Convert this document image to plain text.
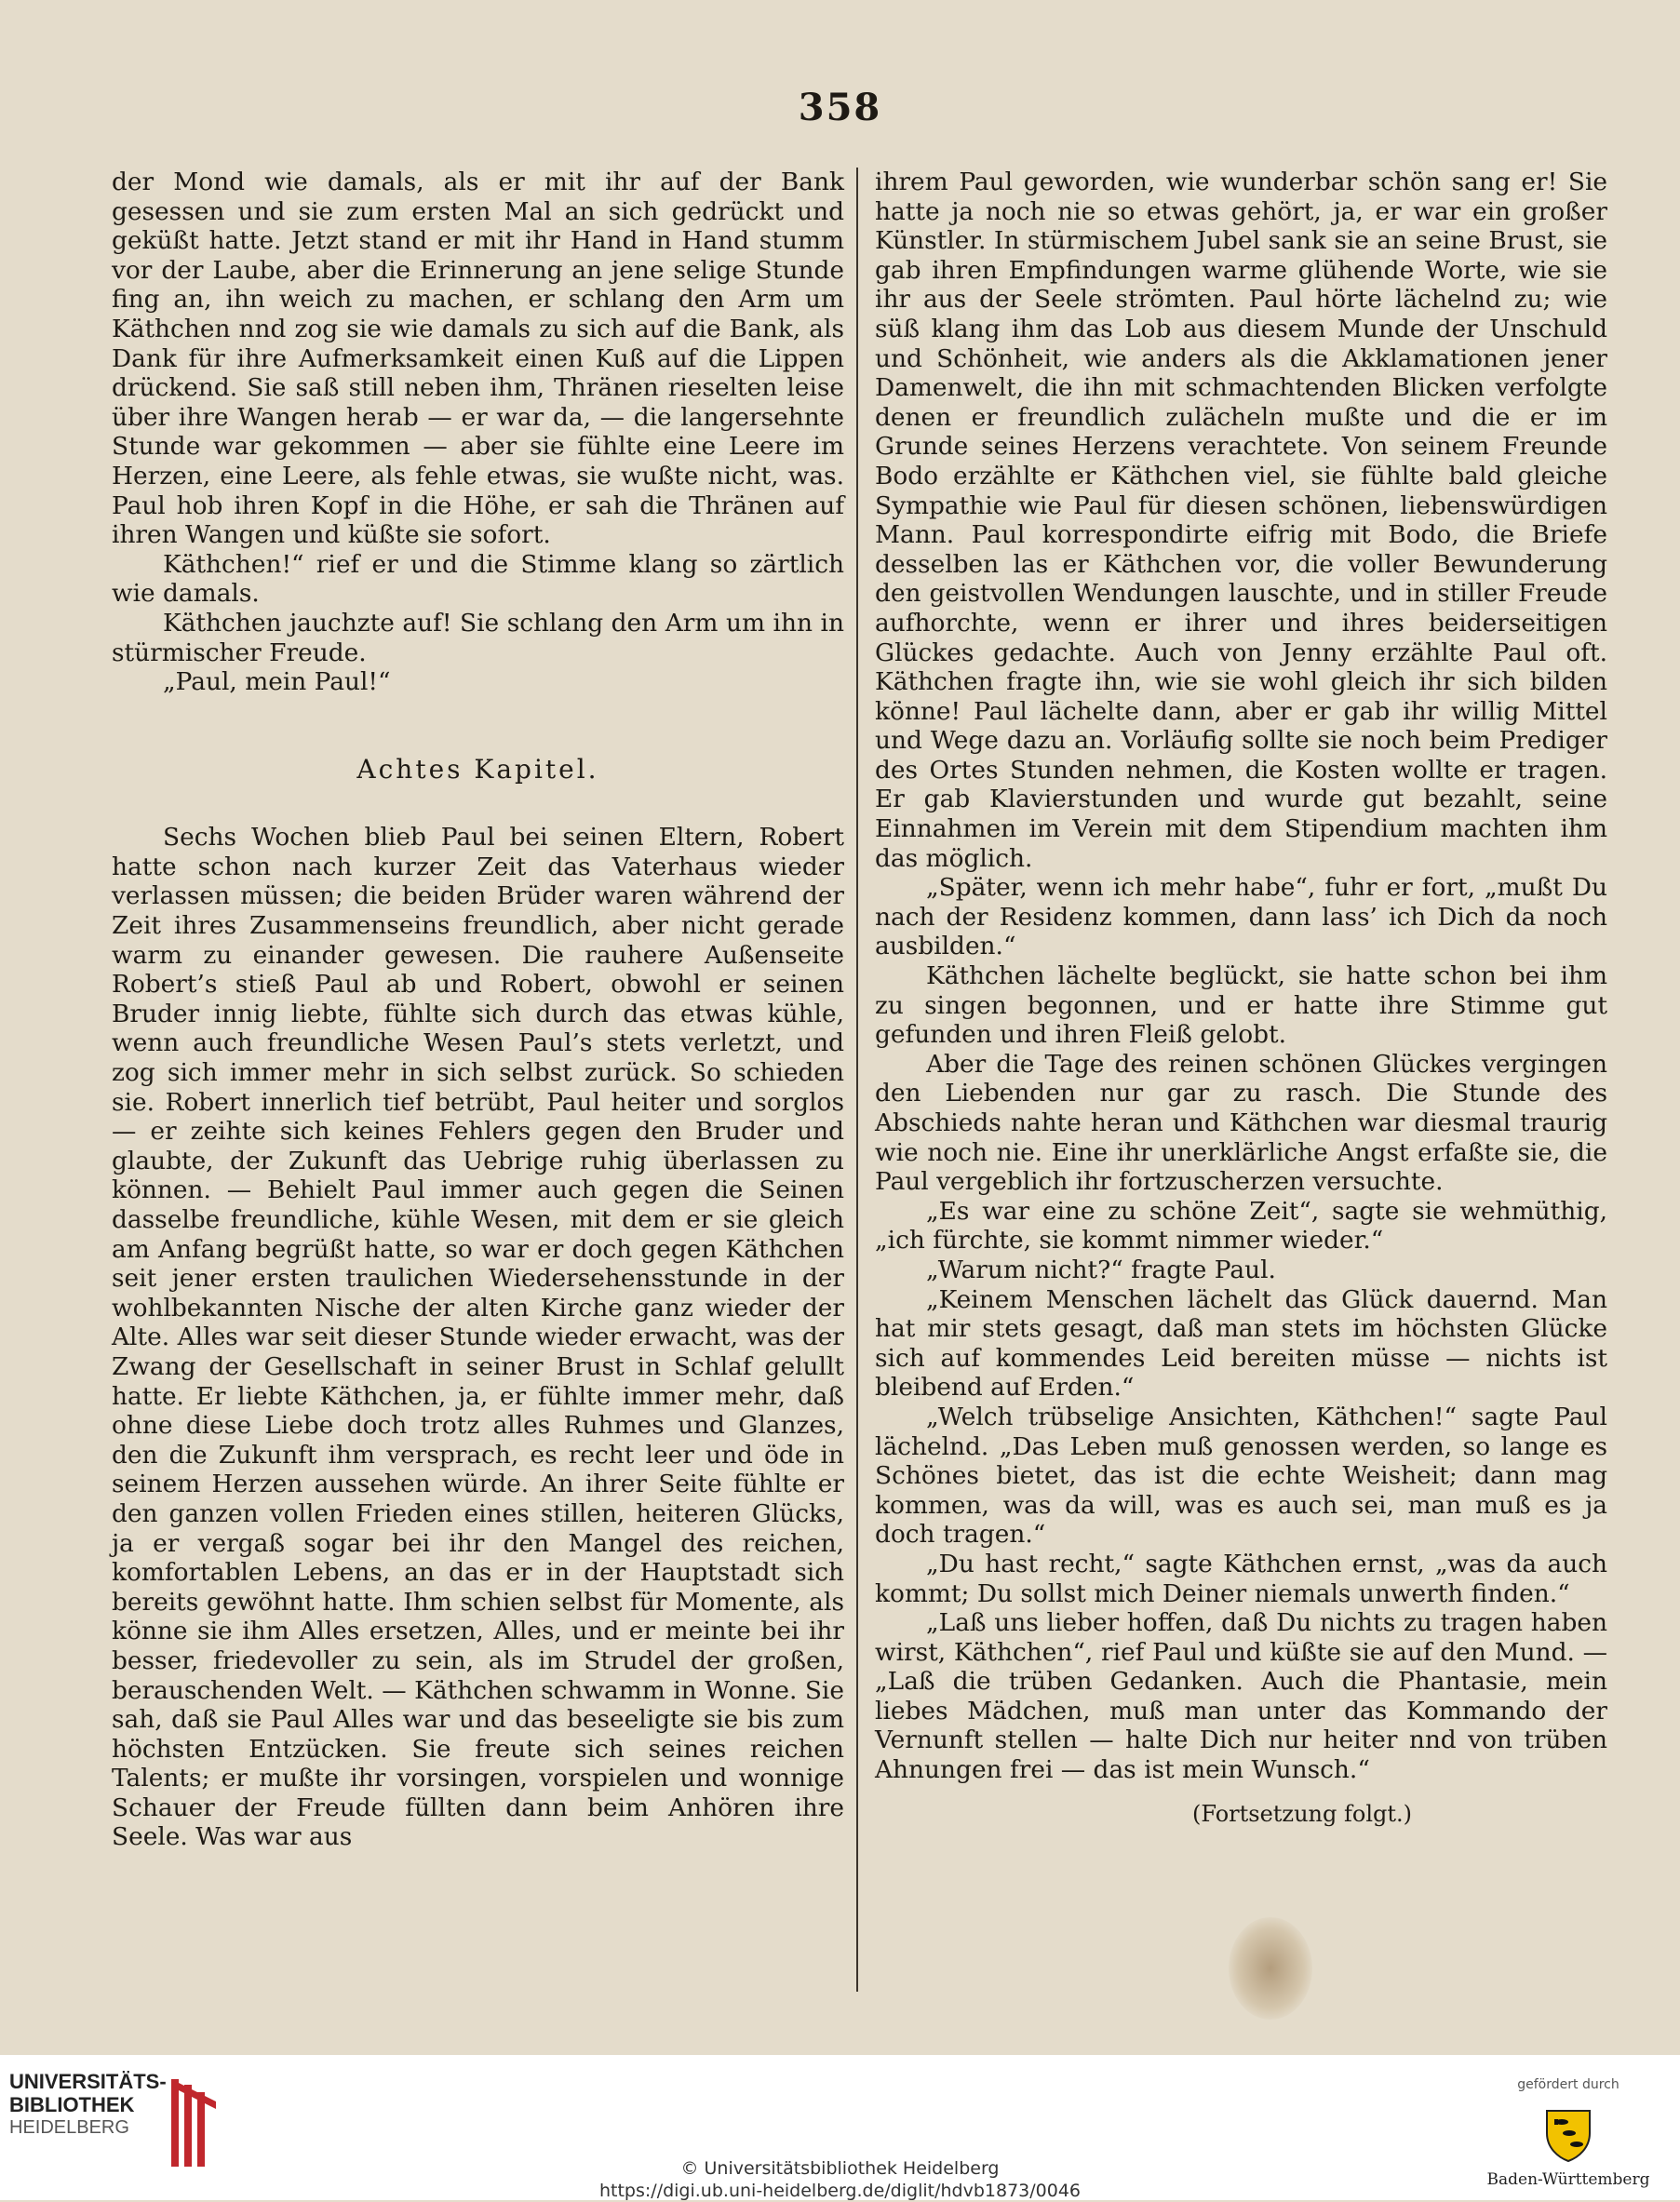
358

der Mond wie damals, als er mit ihr auf der Bank gesessen und sie zum ersten Mal an sich gedrückt und geküßt hatte. Jetzt stand er mit ihr Hand in Hand stumm vor der Laube, aber die Erinnerung an jene selige Stunde fing an, ihn weich zu machen, er schlang den Arm um Käthchen nnd zog sie wie damals zu sich auf die Bank, als Dank für ihre Aufmerksamkeit einen Kuß auf die Lippen drückend. Sie saß still neben ihm, Thränen rieselten leise über ihre Wangen herab — er war da, — die langersehnte Stunde war gekommen — aber sie fühlte eine Leere im Herzen, eine Leere, als fehle etwas, sie wußte nicht, was. Paul hob ihren Kopf in die Höhe, er sah die Thränen auf ihren Wangen und küßte sie sofort.

Käthchen!“ rief er und die Stimme klang so zärtlich wie damals.

Käthchen jauchzte auf! Sie schlang den Arm um ihn in stürmischer Freude.

„Paul, mein Paul!“

Achtes Kapitel.

Sechs Wochen blieb Paul bei seinen Eltern, Robert hatte schon nach kurzer Zeit das Vaterhaus wieder verlassen müssen; die beiden Brüder waren während der Zeit ihres Zusammenseins freundlich, aber nicht gerade warm zu einander gewesen. Die rauhere Außenseite Robert’s stieß Paul ab und Robert, obwohl er seinen Bruder innig liebte, fühlte sich durch das etwas kühle, wenn auch freundliche Wesen Paul’s stets verletzt, und zog sich immer mehr in sich selbst zurück. So schieden sie. Robert innerlich tief betrübt, Paul heiter und sorglos — er zeihte sich keines Fehlers gegen den Bruder und glaubte, der Zukunft das Uebrige ruhig überlassen zu können. — Behielt Paul immer auch gegen die Seinen dasselbe freundliche, kühle Wesen, mit dem er sie gleich am Anfang begrüßt hatte, so war er doch gegen Käthchen seit jener ersten traulichen Wiedersehensstunde in der wohlbekannten Nische der alten Kirche ganz wieder der Alte. Alles war seit dieser Stunde wieder erwacht, was der Zwang der Gesellschaft in seiner Brust in Schlaf gelullt hatte. Er liebte Käthchen, ja, er fühlte immer mehr, daß ohne diese Liebe doch trotz alles Ruhmes und Glanzes, den die Zukunft ihm versprach, es recht leer und öde in seinem Herzen aussehen würde. An ihrer Seite fühlte er den ganzen vollen Frieden eines stillen, heiteren Glücks, ja er vergaß sogar bei ihr den Mangel des reichen, komfortablen Lebens, an das er in der Hauptstadt sich bereits gewöhnt hatte. Ihm schien selbst für Momente, als könne sie ihm Alles ersetzen, Alles, und er meinte bei ihr besser, friedevoller zu sein, als im Strudel der großen, berauschenden Welt. — Käthchen schwamm in Wonne. Sie sah, daß sie Paul Alles war und das beseeligte sie bis zum höchsten Entzücken. Sie freute sich seines reichen Talents; er mußte ihr vorsingen, vorspielen und wonnige Schauer der Freude füllten dann beim Anhören ihre Seele. Was war aus

ihrem Paul geworden, wie wunderbar schön sang er! Sie hatte ja noch nie so etwas gehört, ja, er war ein großer Künstler. In stürmischem Jubel sank sie an seine Brust, sie gab ihren Empfindungen warme glühende Worte, wie sie ihr aus der Seele strömten. Paul hörte lächelnd zu; wie süß klang ihm das Lob aus diesem Munde der Unschuld und Schönheit, wie anders als die Akklamationen jener Damenwelt, die ihn mit schmachtenden Blicken verfolgte denen er freundlich zulächeln mußte und die er im Grunde seines Herzens verachtete. Von seinem Freunde Bodo erzählte er Käthchen viel, sie fühlte bald gleiche Sympathie wie Paul für diesen schönen, liebenswürdigen Mann. Paul korrespondirte eifrig mit Bodo, die Briefe desselben las er Käthchen vor, die voller Bewunderung den geistvollen Wendungen lauschte, und in stiller Freude aufhorchte, wenn er ihrer und ihres beiderseitigen Glückes gedachte. Auch von Jenny erzählte Paul oft. Käthchen fragte ihn, wie sie wohl gleich ihr sich bilden könne! Paul lächelte dann, aber er gab ihr willig Mittel und Wege dazu an. Vorläufig sollte sie noch beim Prediger des Ortes Stunden nehmen, die Kosten wollte er tragen. Er gab Klavierstunden und wurde gut bezahlt, seine Einnahmen im Verein mit dem Stipendium machten ihm das möglich.

„Später, wenn ich mehr habe“, fuhr er fort, „mußt Du nach der Residenz kommen, dann lass’ ich Dich da noch ausbilden.“

Käthchen lächelte beglückt, sie hatte schon bei ihm zu singen begonnen, und er hatte ihre Stimme gut gefunden und ihren Fleiß gelobt.

Aber die Tage des reinen schönen Glückes vergingen den Liebenden nur gar zu rasch. Die Stunde des Abschieds nahte heran und Käthchen war diesmal traurig wie noch nie. Eine ihr unerklärliche Angst erfaßte sie, die Paul vergeblich ihr fortzuscherzen versuchte.

„Es war eine zu schöne Zeit“, sagte sie wehmüthig, „ich fürchte, sie kommt nimmer wieder.“

„Warum nicht?“ fragte Paul.

„Keinem Menschen lächelt das Glück dauernd. Man hat mir stets gesagt, daß man stets im höchsten Glücke sich auf kommendes Leid bereiten müsse — nichts ist bleibend auf Erden.“

„Welch trübselige Ansichten, Käthchen!“ sagte Paul lächelnd. „Das Leben muß genossen werden, so lange es Schönes bietet, das ist die echte Weisheit; dann mag kommen, was da will, was es auch sei, man muß es ja doch tragen.“

„Du hast recht,“ sagte Käthchen ernst, „was da auch kommt; Du sollst mich Deiner niemals unwerth finden.“

„Laß uns lieber hoffen, daß Du nichts zu tragen haben wirst, Käthchen“, rief Paul und küßte sie auf den Mund. — „Laß die trüben Gedanken. Auch die Phantasie, mein liebes Mädchen, muß man unter das Kommando der Vernunft stellen — halte Dich nur heiter nnd von trüben Ahnungen frei — das ist mein Wunsch.“

(Fortsetzung folgt.)

UNIVERSITÄTS-
BIBLIOTHEK
HEIDELBERG
© Universitätsbibliothek Heidelberg
https://digi.ub.uni-heidelberg.de/diglit/hdvb1873/0046
gefördert durch
Baden-Württemberg
